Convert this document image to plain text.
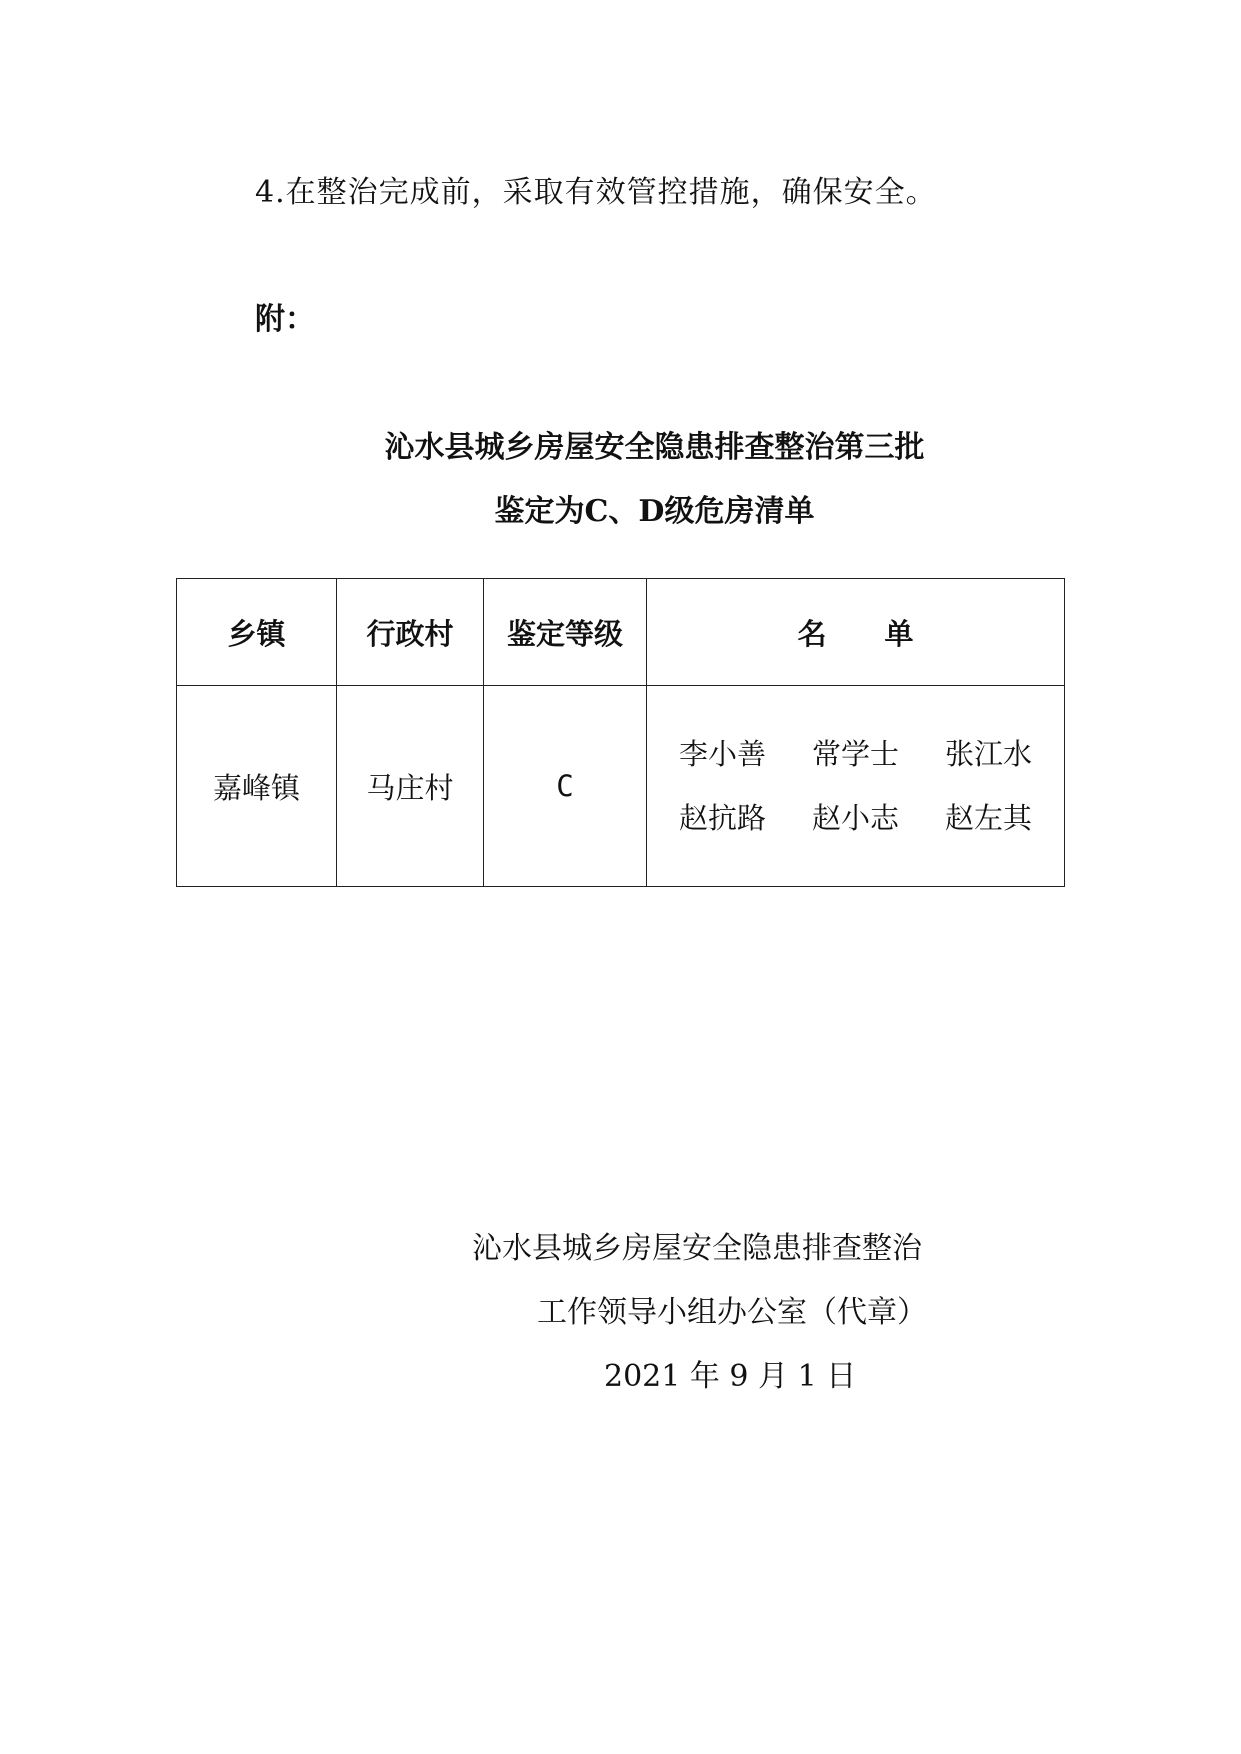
4.在整治完成前，采取有效管控措施，确保安全。
附：
沁水县城乡房屋安全隐患排查整治第三批
鉴定为C、D级危房清单
乡镇	行政村	鉴定等级	名　　单
嘉峰镇	马庄村	C	李小善 常学士 张江水
赵抗路 赵小志 赵左其
沁水县城乡房屋安全隐患排查整治
工作领导小组办公室（代章）
2021 年 9 月 1 日
